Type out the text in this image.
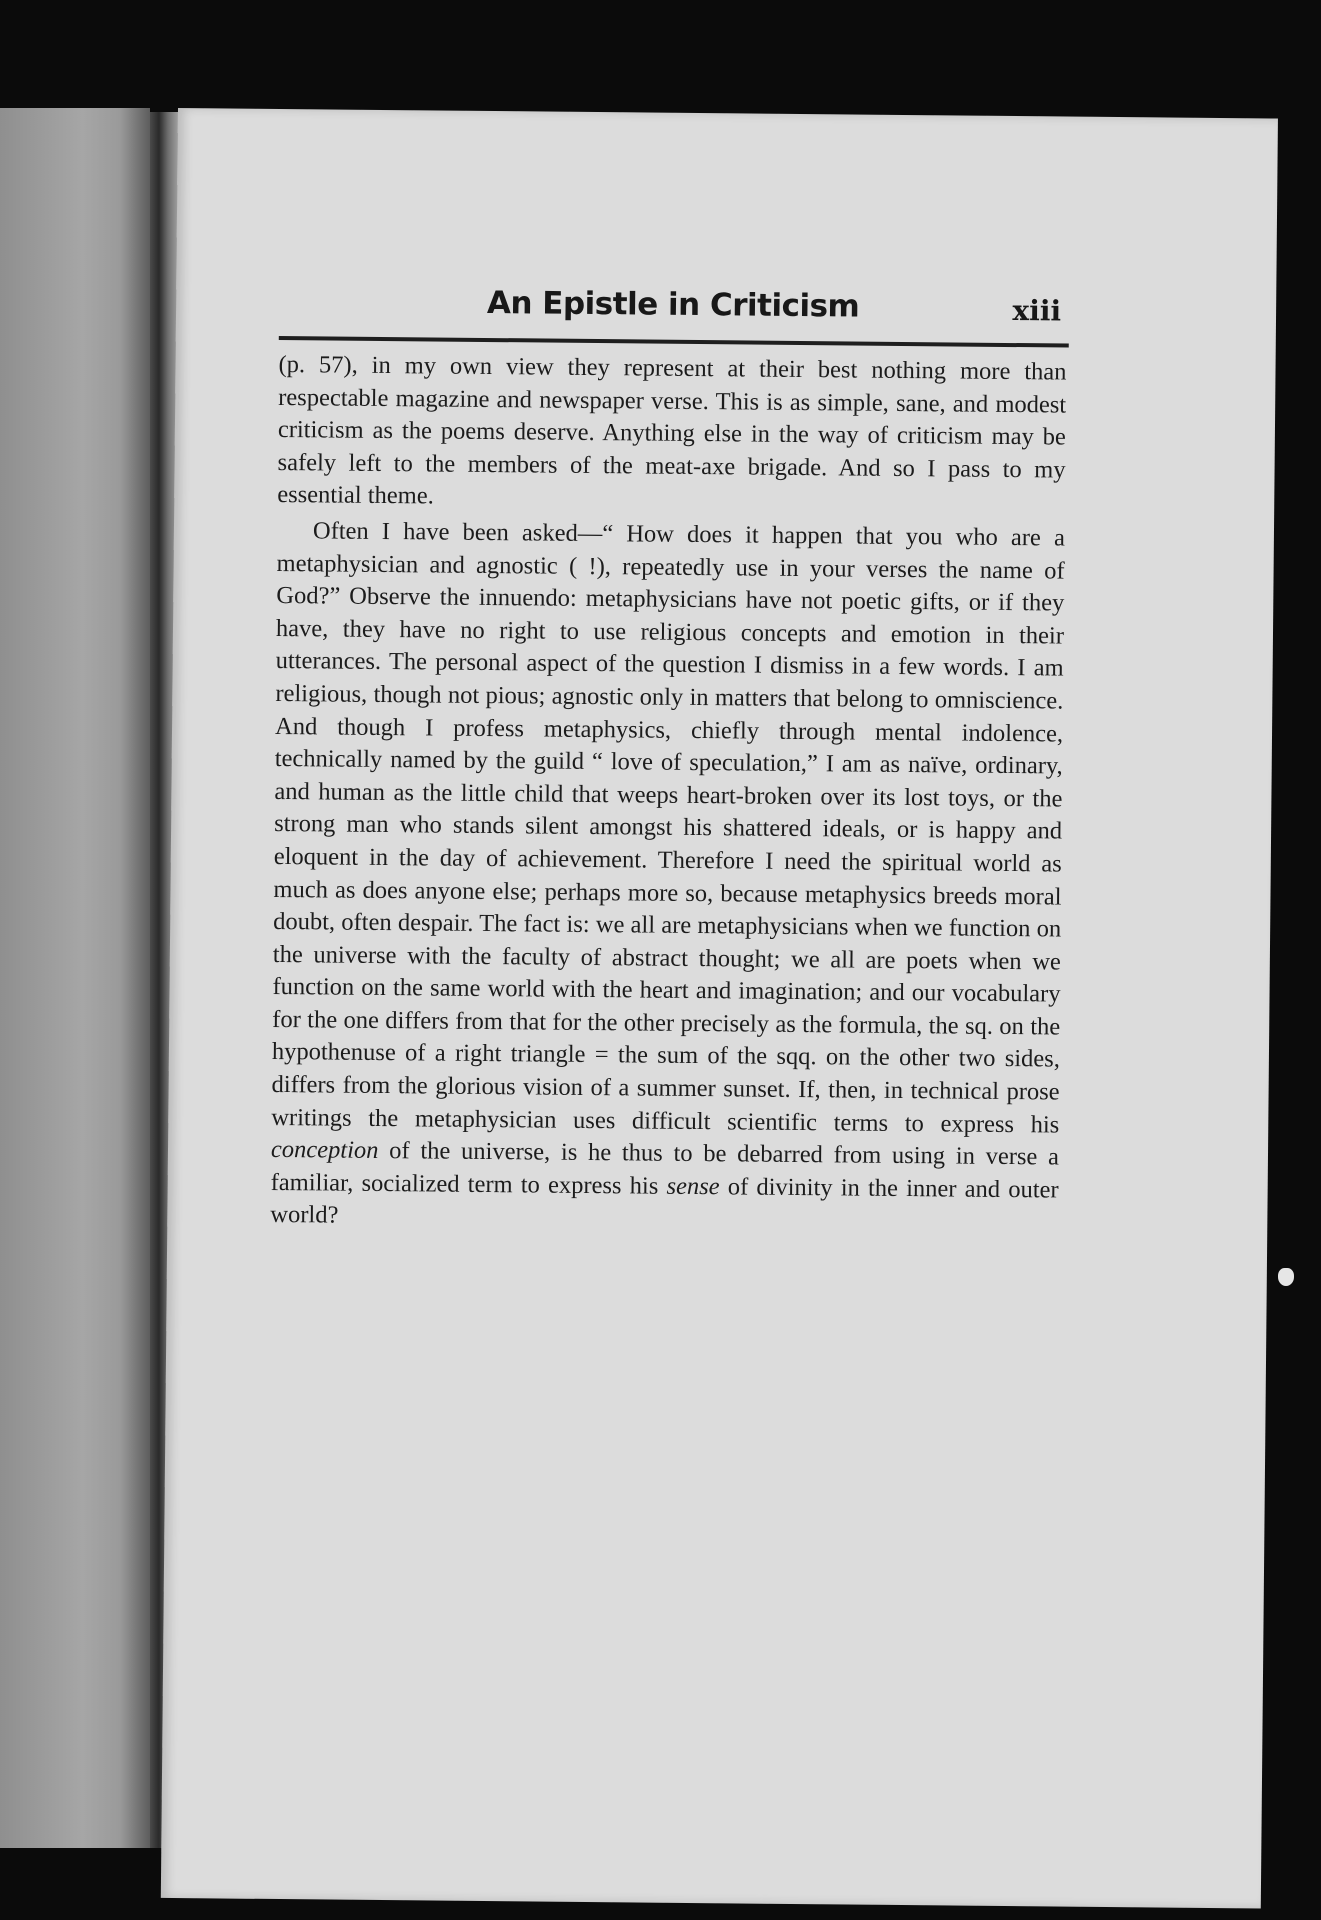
An Epistle in Criticism	xiii

(p. 57), in my own view they represent at their best nothing more than respectable magazine and newspaper verse. This is as simple, sane, and modest criticism as the poems deserve. Anything else in the way of criticism may be safely left to the members of the meat-axe brigade. And so I pass to my essential theme.

Often I have been asked—“ How does it happen that you who are a metaphysician and agnostic ( !), repeatedly use in your verses the name of God?” Observe the innuendo: metaphysicians have not poetic gifts, or if they have, they have no right to use religious concepts and emotion in their utterances. The personal aspect of the question I dismiss in a few words. I am religious, though not pious; agnostic only in matters that belong to omniscience. And though I profess metaphysics, chiefly through mental indolence, technically named by the guild “ love of speculation,” I am as naïve, ordinary, and human as the little child that weeps heart-broken over its lost toys, or the strong man who stands silent amongst his shattered ideals, or is happy and eloquent in the day of achievement. Therefore I need the spiritual world as much as does anyone else; perhaps more so, because metaphysics breeds moral doubt, often despair. The fact is: we all are metaphysicians when we function on the universe with the faculty of abstract thought; we all are poets when we function on the same world with the heart and imagination; and our vocabulary for the one differs from that for the other precisely as the formula, the sq. on the hypothenuse of a right triangle = the sum of the sqq. on the other two sides, differs from the glorious vision of a summer sunset. If, then, in technical prose writings the metaphysician uses difficult scientific terms to express his conception of the universe, is he thus to be debarred from using in verse a familiar, socialized term to express his sense of divinity in the inner and outer world?
